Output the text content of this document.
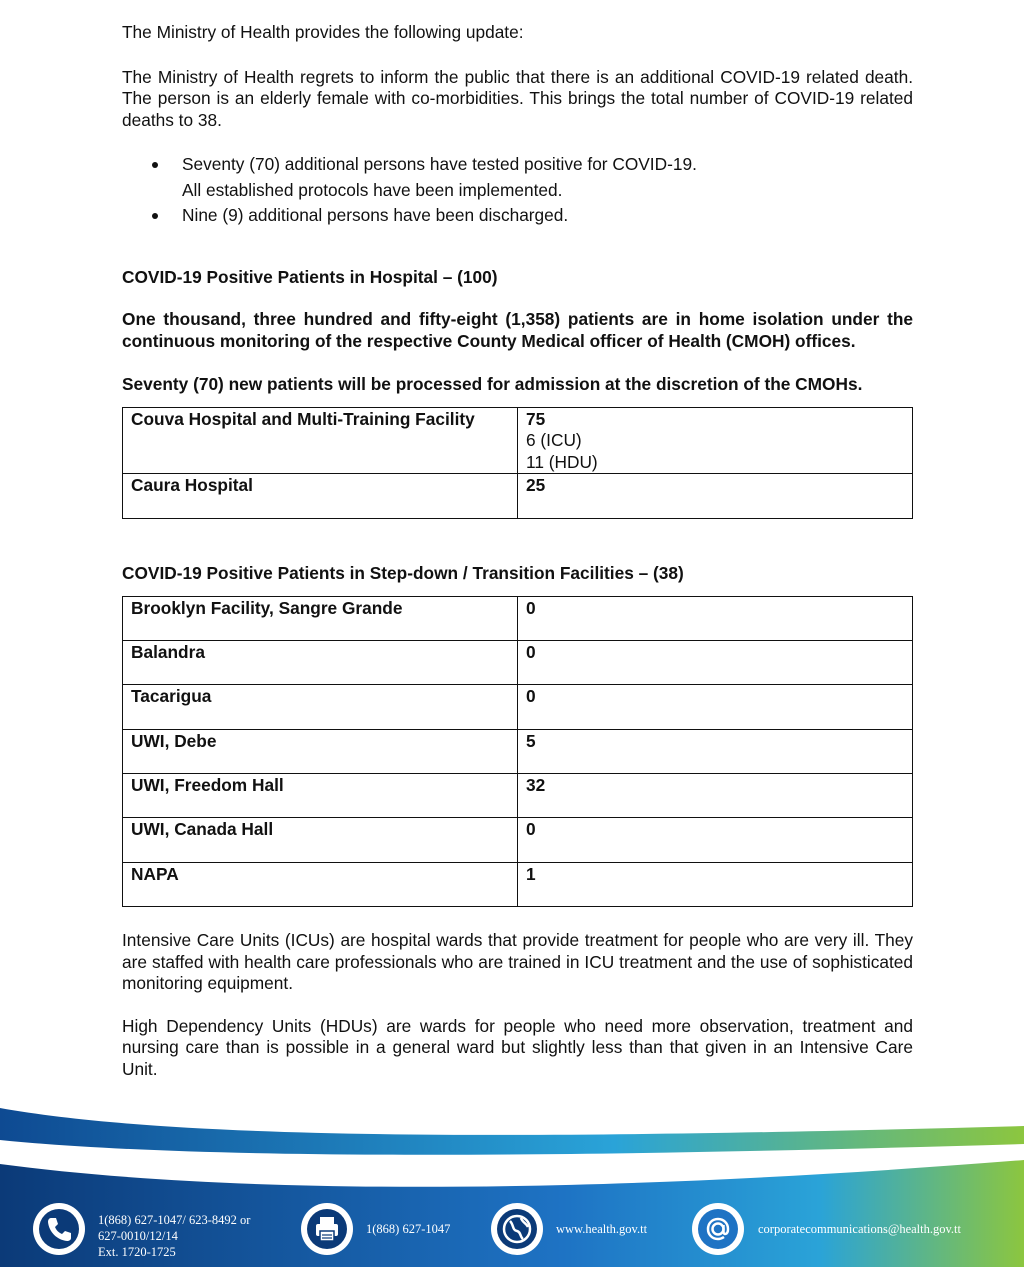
The Ministry of Health provides the following update:

The Ministry of Health regrets to inform the public that there is an additional COVID-19 related death. The person is an elderly female with co-morbidities. This brings the total number of COVID-19 related deaths to 38.

Seventy (70) additional persons have tested positive for COVID-19.
All established protocols have been implemented.
Nine (9) additional persons have been discharged.

COVID-19 Positive Patients in Hospital – (100)

One thousand, three hundred and fifty-eight (1,358) patients are in home isolation under the continuous monitoring of the respective County Medical officer of Health (CMOH) offices.

Seventy (70) new patients will be processed for admission at the discretion of the CMOHs.

Couva Hospital and Multi-Training Facility	75
6 (ICU)
11 (HDU)

Caura Hospital	25

COVID-19 Positive Patients in Step-down / Transition Facilities – (38)

Brooklyn Facility, Sangre Grande	0
Balandra	0
Tacarigua	0
UWI, Debe	5
UWI, Freedom Hall	32
UWI, Canada Hall	0
NAPA	1

Intensive Care Units (ICUs) are hospital wards that provide treatment for people who are very ill. They are staffed with health care professionals who are trained in ICU treatment and the use of sophisticated monitoring equipment.

High Dependency Units (HDUs) are wards for people who need more observation, treatment and nursing care than is possible in a general ward but slightly less than that given in an Intensive Care Unit.

1(868) 627-1047/ 623-8492 or
627-0010/12/14
Ext. 1720-1725
1(868) 627-1047	www.health.gov.tt	corporatecommunications@health.gov.tt
